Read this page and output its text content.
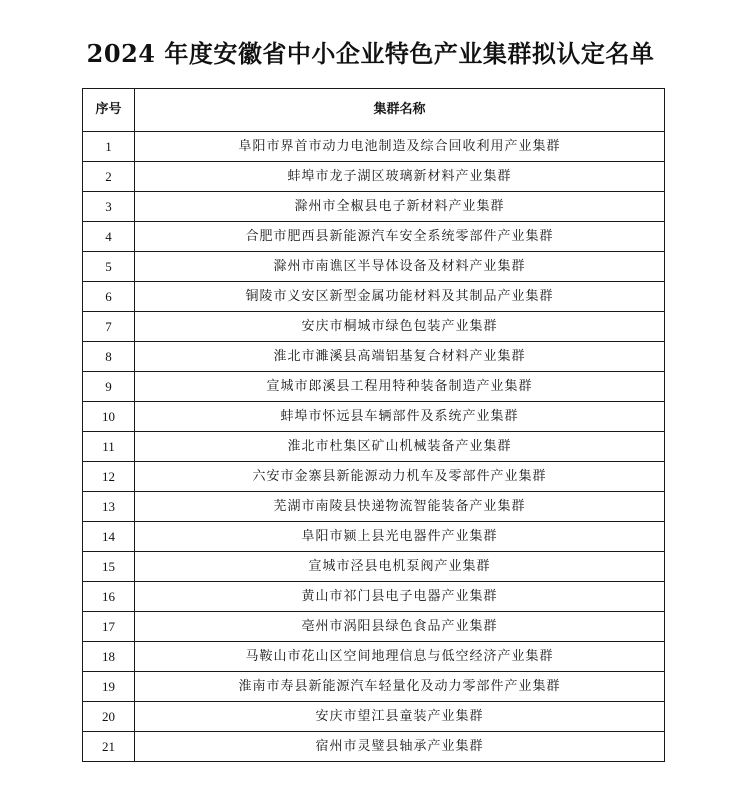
2024 年度安徽省中小企业特色产业集群拟认定名单
序号	集群名称
1	阜阳市界首市动力电池制造及综合回收利用产业集群
2	蚌埠市龙子湖区玻璃新材料产业集群
3	滁州市全椒县电子新材料产业集群
4	合肥市肥西县新能源汽车安全系统零部件产业集群
5	滁州市南谯区半导体设备及材料产业集群
6	铜陵市义安区新型金属功能材料及其制品产业集群
7	安庆市桐城市绿色包装产业集群
8	淮北市濉溪县高端铝基复合材料产业集群
9	宣城市郎溪县工程用特种装备制造产业集群
10	蚌埠市怀远县车辆部件及系统产业集群
11	淮北市杜集区矿山机械装备产业集群
12	六安市金寨县新能源动力机车及零部件产业集群
13	芜湖市南陵县快递物流智能装备产业集群
14	阜阳市颍上县光电器件产业集群
15	宣城市泾县电机泵阀产业集群
16	黄山市祁门县电子电器产业集群
17	亳州市涡阳县绿色食品产业集群
18	马鞍山市花山区空间地理信息与低空经济产业集群
19	淮南市寿县新能源汽车轻量化及动力零部件产业集群
20	安庆市望江县童装产业集群
21	宿州市灵璧县轴承产业集群
